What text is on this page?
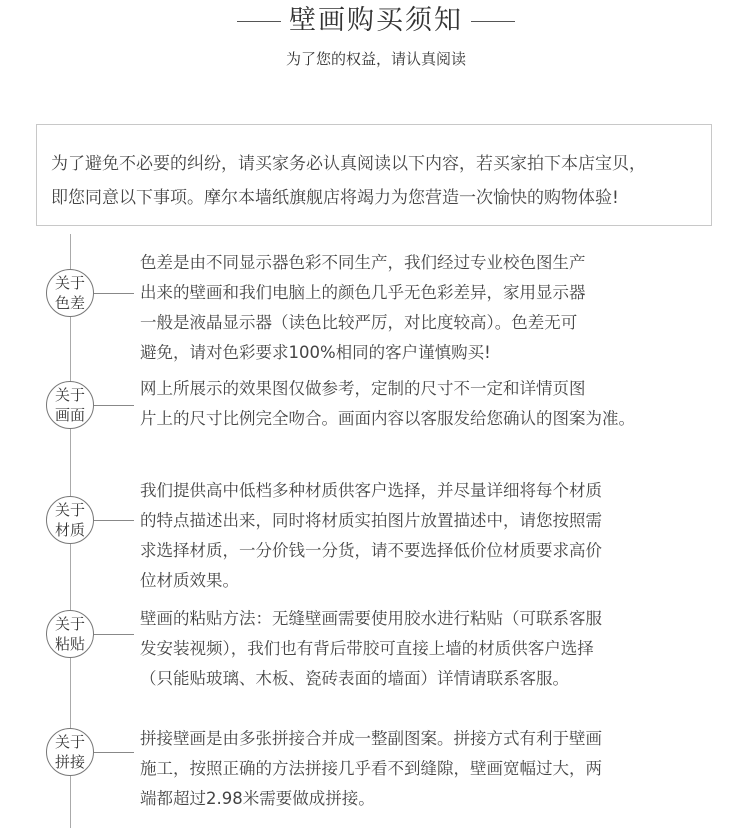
壁画购买须知
为了您的权益，请认真阅读
为了避免不必要的纠纷，请买家务必认真阅读以下内容，若买家拍下本店宝贝，
即您同意以下事项。摩尔本墙纸旗舰店将竭力为您营造一次愉快的购物体验!
关于
色差

色差是由不同显示器色彩不同生产，我们经过专业校色图生产

出来的壁画和我们电脑上的颜色几乎无色彩差异，家用显示器

一般是液晶显示器（读色比较严厉，对比度较高）。色差无可

避免，请对色彩要求100%相同的客户谨慎购买!

关于
画面

网上所展示的效果图仅做参考，定制的尺寸不一定和详情页图

片上的尺寸比例完全吻合。画面内容以客服发给您确认的图案为准。

关于
材质

我们提供高中低档多种材质供客户选择，并尽量详细将每个材质

的特点描述出来，同时将材质实拍图片放置描述中，请您按照需

求选择材质，一分价钱一分货，请不要选择低价位材质要求高价

位材质效果。

关于
粘贴

壁画的粘贴方法：无缝壁画需要使用胶水进行粘贴（可联系客服

发安装视频），我们也有背后带胶可直接上墙的材质供客户选择

（只能贴玻璃、木板、瓷砖表面的墙面）详情请联系客服。

关于
拼接

拼接壁画是由多张拼接合并成一整副图案。拼接方式有利于壁画

施工，按照正确的方法拼接几乎看不到缝隙，壁画宽幅过大，两

端都超过2.98米需要做成拼接。
